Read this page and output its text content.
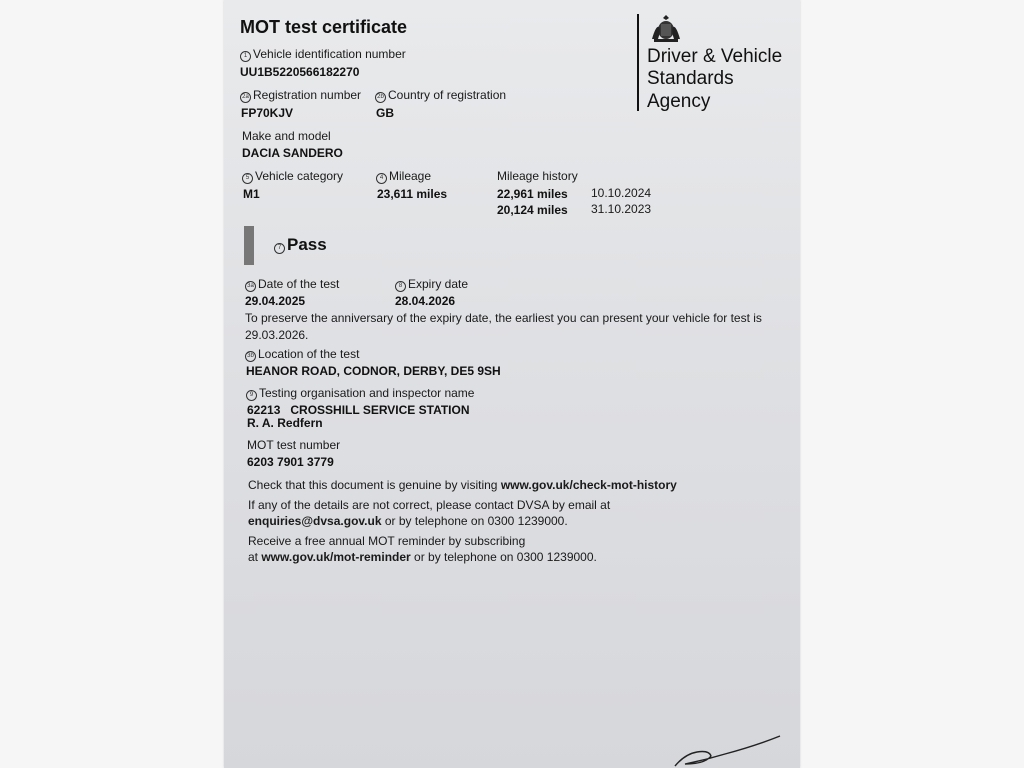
MOT test certificate
Driver & Vehicle
Standards
Agency
1 Vehicle identification number
UU1B5220566182270
2a Registration number
FP70KJV
2b Country of registration
GB
Make and model
DACIA SANDERO
5 Vehicle category
M1
4 Mileage
23,611 miles
Mileage history
22,961 miles 10.10.2024
20,124 miles 31.10.2023
7 Pass
3a Date of the test
29.04.2025
8 Expiry date
28.04.2026
To preserve the anniversary of the expiry date, the earliest you can present your vehicle for test is
29.03.2026.
3b Location of the test
HEANOR ROAD, CODNOR, DERBY, DE5 9SH
9 Testing organisation and inspector name
62213   CROSSHILL SERVICE STATION
R. A. Redfern
MOT test number
6203 7901 3779
Check that this document is genuine by visiting www.gov.uk/check-mot-history
If any of the details are not correct, please contact DVSA by email at
enquiries@dvsa.gov.uk or by telephone on 0300 1239000.
Receive a free annual MOT reminder by subscribing
at www.gov.uk/mot-reminder or by telephone on 0300 1239000.
